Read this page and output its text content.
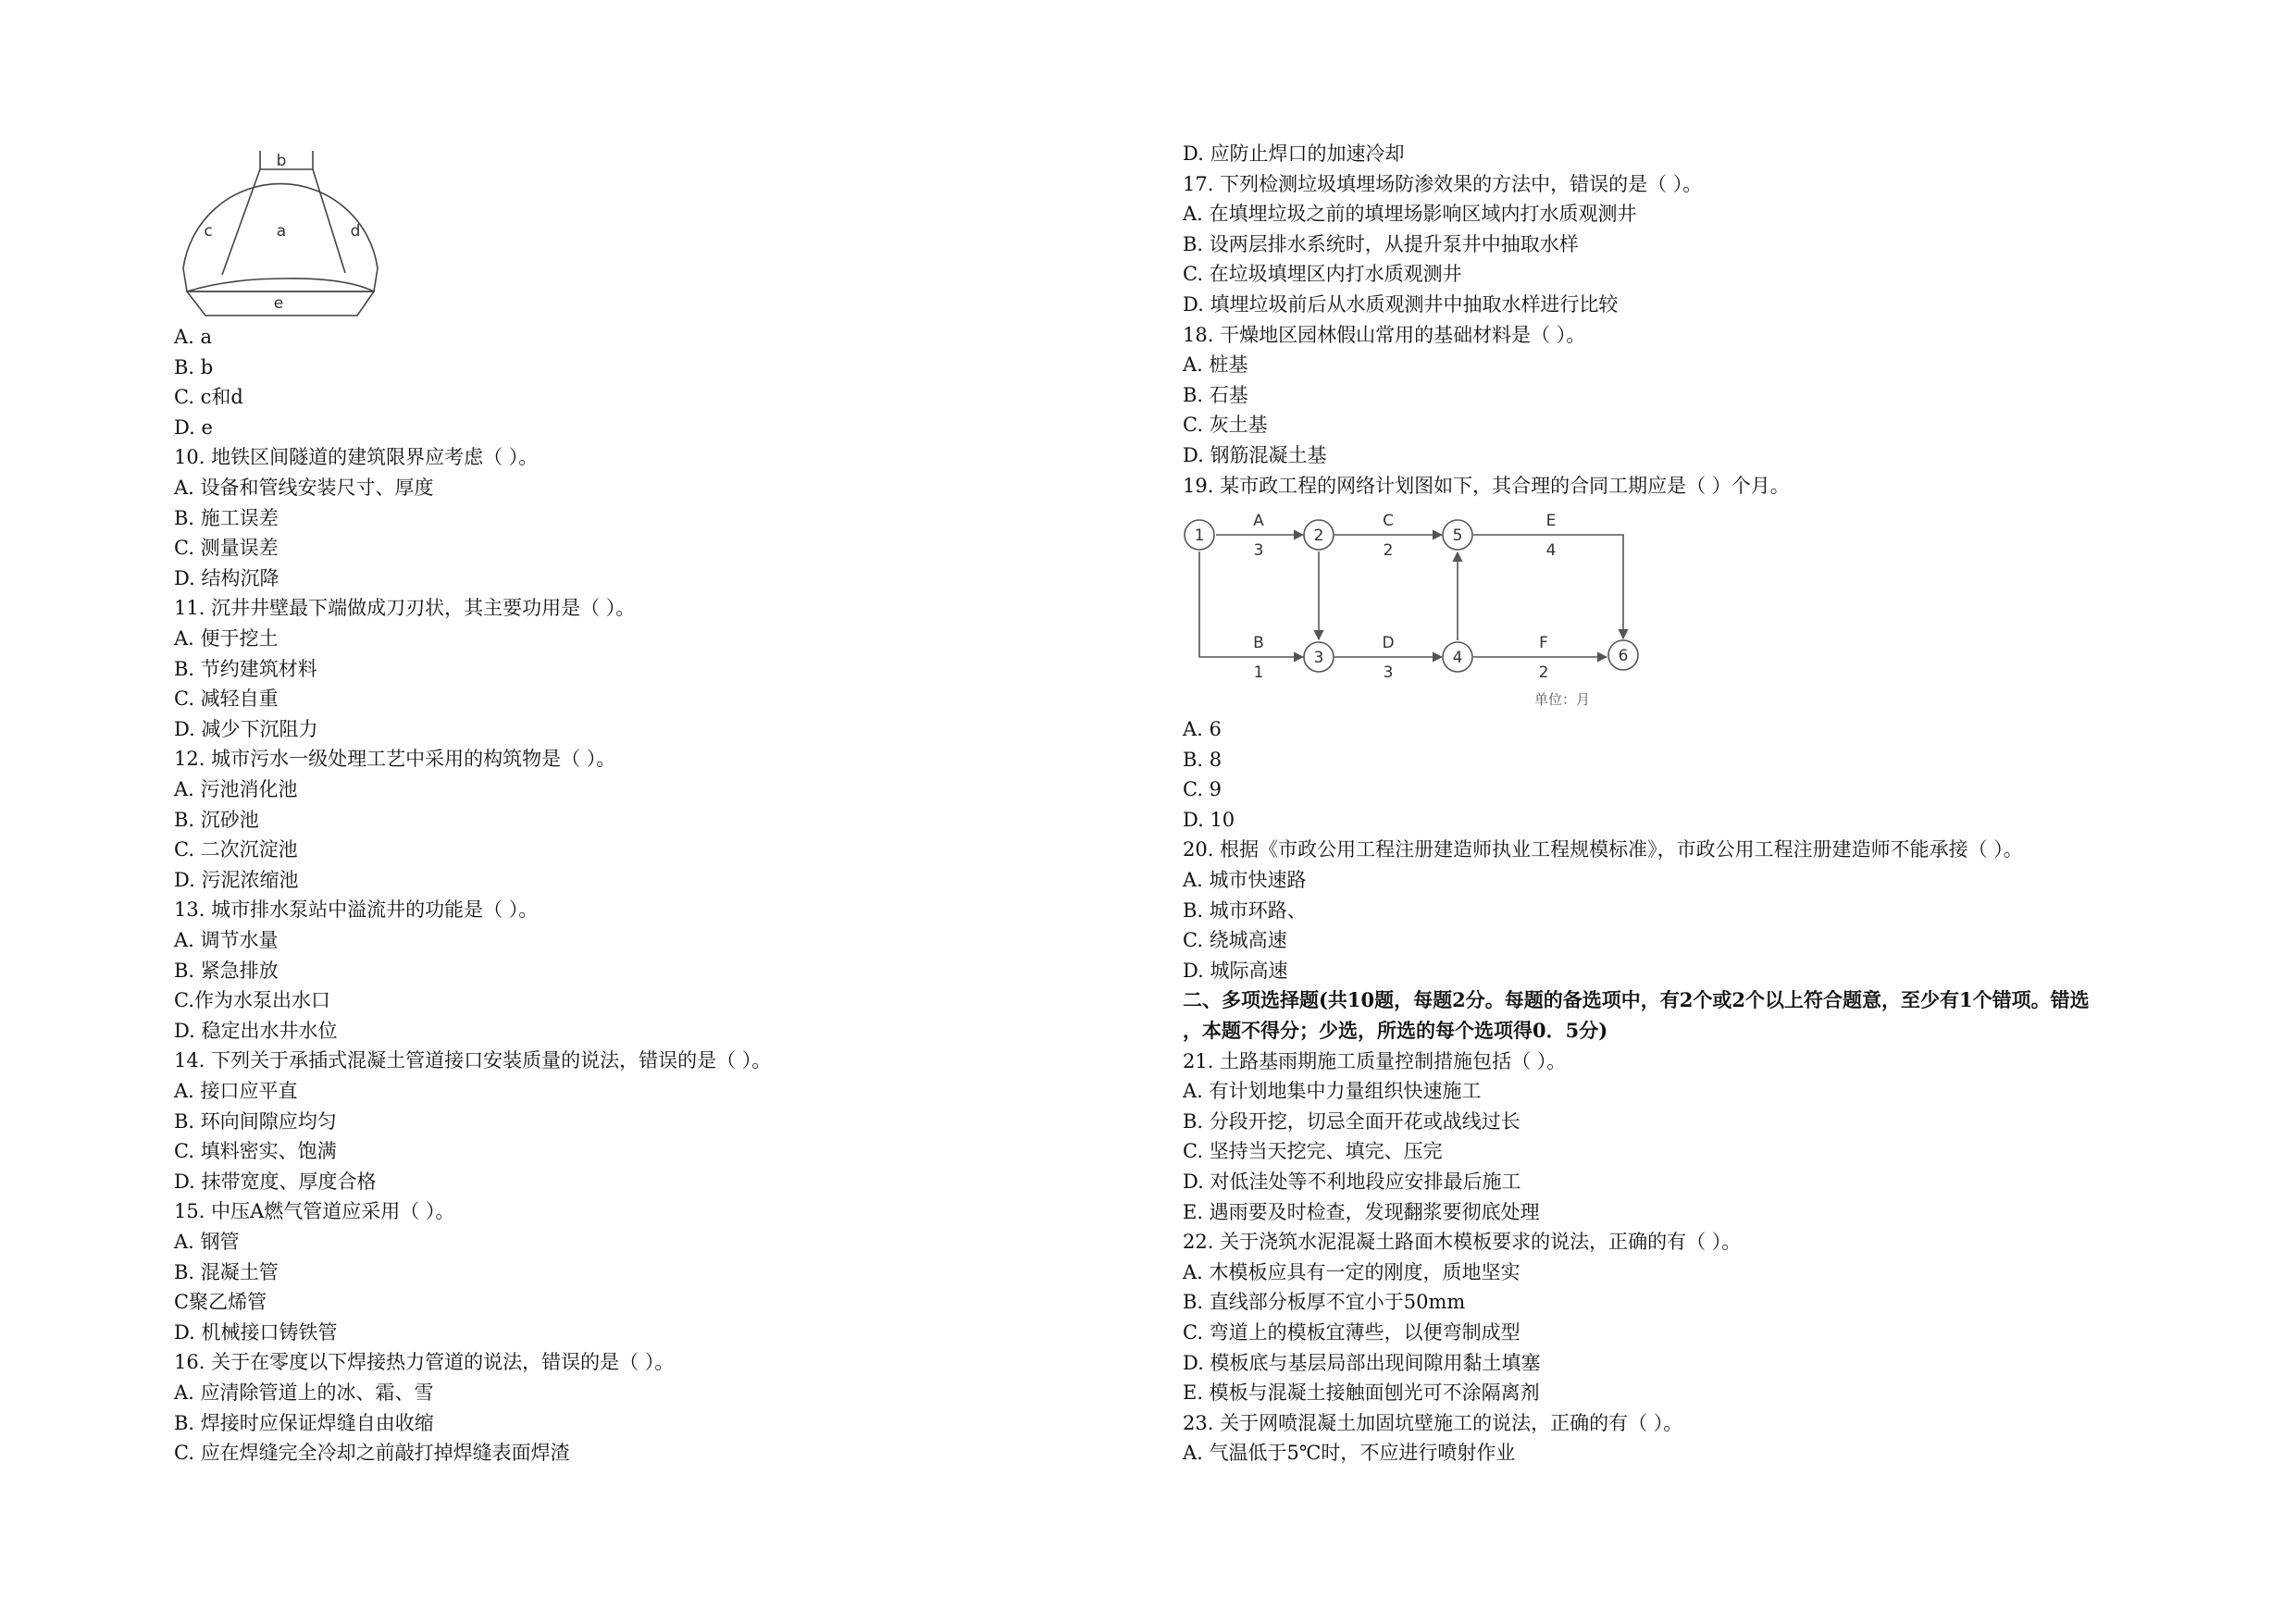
b
c	a	d
e
A. a
B. b
C. c和d
D. e
10. 地铁区间隧道的建筑限界应考虑（ ）。
A. 设备和管线安装尺寸、厚度
B. 施工误差
C. 测量误差
D. 结构沉降
11. 沉井井壁最下端做成刀刃状，其主要功用是（ ）。
A. 便于挖土
B. 节约建筑材料
C. 减轻自重
D. 减少下沉阻力
12. 城市污水一级处理工艺中采用的构筑物是（ ）。
A. 污池消化池
B. 沉砂池
C. 二次沉淀池
D. 污泥浓缩池
13. 城市排水泵站中溢流井的功能是（ ）。
A. 调节水量
B. 紧急排放
C.作为水泵出水口
D. 稳定出水井水位
14. 下列关于承插式混凝土管道接口安装质量的说法，错误的是（ ）。
A. 接口应平直
B. 环向间隙应均匀
C. 填料密实、饱满
D. 抹带宽度、厚度合格
15. 中压A燃气管道应采用（ ）。
A. 钢管
B. 混凝土管
C聚乙烯管
D. 机械接口铸铁管
16. 关于在零度以下焊接热力管道的说法，错误的是（ ）。
A. 应清除管道上的冰、霜、雪
B. 焊接时应保证焊缝自由收缩
C. 应在焊缝完全冷却之前敲打掉焊缝表面焊渣
D. 应防止焊口的加速冷却
17. 下列检测垃圾填埋场防渗效果的方法中，错误的是（ ）。
A. 在填埋垃圾之前的填埋场影响区域内打水质观测井
B. 设两层排水系统时，从提升泵井中抽取水样
C. 在垃圾填埋区内打水质观测井
D. 填埋垃圾前后从水质观测井中抽取水样进行比较
18. 干燥地区园林假山常用的基础材料是（ ）。
A. 桩基
B. 石基
C. 灰土基
D. 钢筋混凝土基
19. 某市政工程的网络计划图如下，其合理的合同工期应是（ ）个月。
1	2
3	4
5
6
A
3
C
2
E
4
B
1
D
3
F
2
单位：月
A. 6
B. 8
C. 9
D. 10
20. 根据《市政公用工程注册建造师执业工程规模标准》，市政公用工程注册建造师不能承接（ ）。
A. 城市快速路
B. 城市环路、
C. 绕城高速
D. 城际高速
二、多项选择题(共10题，每题2分。每题的备选项中，有2个或2个以上符合题意，至少有1个错项。错选
，本题不得分；少选，所选的每个选项得0．5分)
21. 土路基雨期施工质量控制措施包括（ ）。
A. 有计划地集中力量组织快速施工
B. 分段开挖，切忌全面开花或战线过长
C. 坚持当天挖完、填完、压完
D. 对低洼处等不利地段应安排最后施工
E. 遇雨要及时检查，发现翻浆要彻底处理
22. 关于浇筑水泥混凝土路面木模板要求的说法，正确的有（ ）。
A. 木模板应具有一定的刚度，质地坚实
B. 直线部分板厚不宜小于50mm
C. 弯道上的模板宜薄些，以便弯制成型
D. 模板底与基层局部出现间隙用黏土填塞
E. 模板与混凝土接触面刨光可不涂隔离剂
23. 关于网喷混凝土加固坑壁施工的说法，正确的有（ ）。
A. 气温低于5℃时，不应进行喷射作业
